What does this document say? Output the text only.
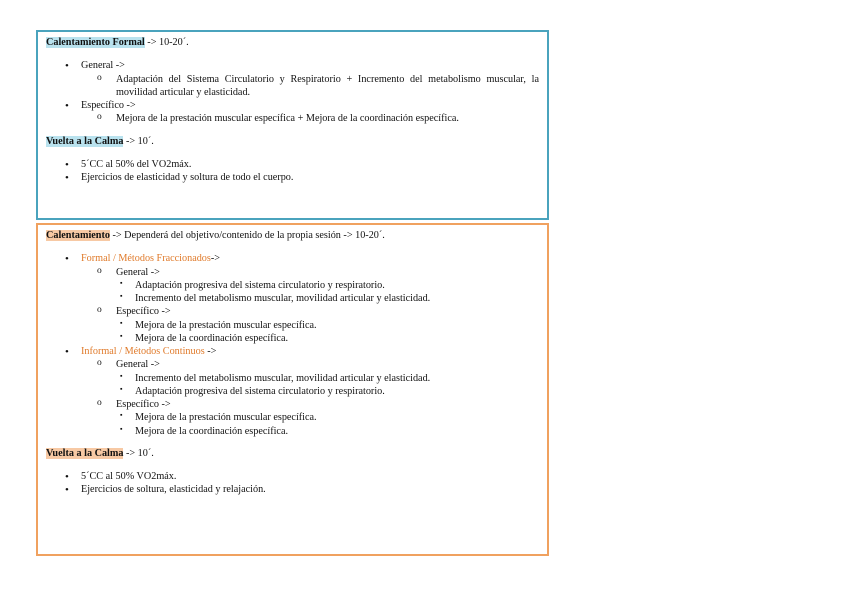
Calentamiento Formal -> 10-20´.

• General ->
o Adaptación del Sistema Circulatorio y Respiratorio + Incremento del metabolismo muscular, la movilidad articular y elasticidad.
• Específico ->
o Mejora de la prestación muscular específica + Mejora de la coordinación específica.

Vuelta a la Calma -> 10´.

• 5´CC al 50% del VO2máx.
• Ejercicios de elasticidad y soltura de todo el cuerpo.

Calentamiento -> Dependerá del objetivo/contenido de la propia sesión -> 10-20´.

• Formal / Métodos Fraccionados->
o General ->
▪ Adaptación progresiva del sistema circulatorio y respiratorio.
▪ Incremento del metabolismo muscular, movilidad articular y elasticidad.
o Específico ->
▪ Mejora de la prestación muscular específica.
▪ Mejora de la coordinación específica.
• Informal / Métodos Continuos ->
o General ->
▪ Incremento del metabolismo muscular, movilidad articular y elasticidad.
▪ Adaptación progresiva del sistema circulatorio y respiratorio.
o Específico ->
▪ Mejora de la prestación muscular específica.
▪ Mejora de la coordinación específica.

Vuelta a la Calma -> 10´.

• 5´CC al 50% VO2máx.
• Ejercicios de soltura, elasticidad y relajación.
